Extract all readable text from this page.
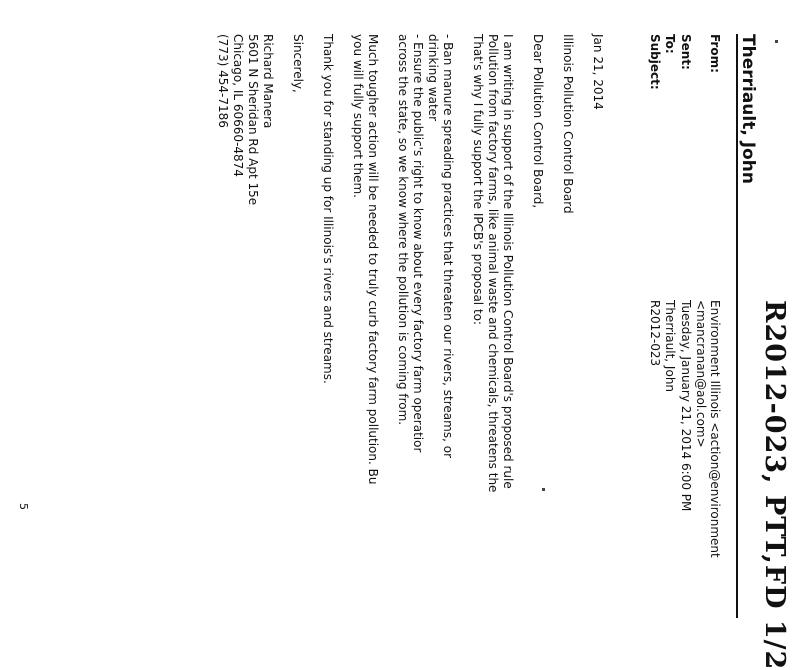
R2012-023, PTT,FD 1/2
Therriault, John
From:
Environment Illinois <action@environment
<mancranan@aol.com>
Sent:
Tuesday, January 21, 2014 6:00 PM
To:
Therriault, John
Subject:
R2012-023
Jan 21, 2014
Illinois Pollution Control Board
Dear Pollution Control Board,
I am writing in support of the Illinois Pollution Control Board's proposed rule
Pollution from factory farms, like animal waste and chemicals, threatens the
That's why I fully support the IPCB's proposal to:
- Ban manure spreading practices that threaten our rivers, streams, or
drinking water
- Ensure the public's right to know about every factory farm operatior
across the state, so we know where the pollution is coming from.
Much tougher action will be needed to truly curb factory farm pollution. Bu
you will fully support them.
Thank you for standing up for Illinois's rivers and streams.
Sincerely,
Richard Manera
5601 N Sheridan Rd Apt 15e
Chicago, IL 60660-4874
(773) 454-7186
5
